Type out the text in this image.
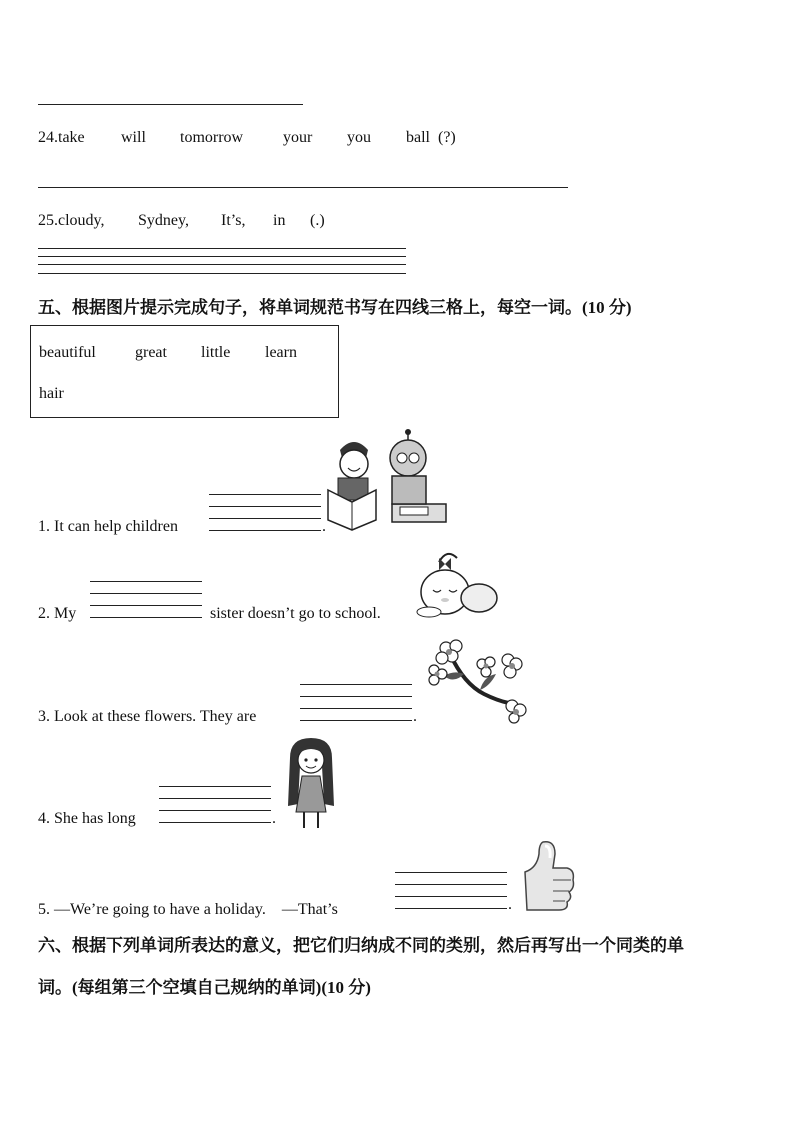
24.take will tomorrow your you ball (?)
25.cloudy, Sydney, It’s, in (.)
五、根据图片提示完成句子，将单词规范书写在四线三格上，每空一词。(10 分)
beautiful great little learn
hair
1. It can help children	.
2. My	sister doesn’t go to school.
3. Look at these flowers. They are	.
4. She has long	.
5. —We’re going to have a holiday.　—That’s	.
六、根据下列单词所表达的意义，把它们归纳成不同的类别，然后再写出一个同类的单
词。(每组第三个空填自己规纳的单词)(10 分)
